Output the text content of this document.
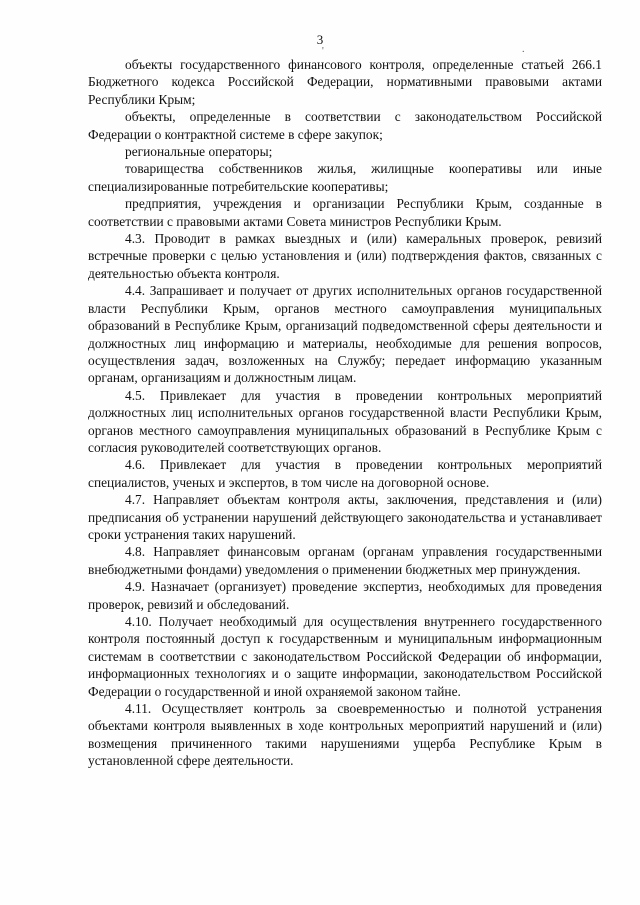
3
'	.

объекты государственного финансового контроля, определенные статьей 266.1 Бюджетного кодекса Российской Федерации, нормативными правовыми актами Республики Крым;

объекты, определенные в соответствии с законодательством Российской Федерации о контрактной системе в сфере закупок;

региональные операторы;

товарищества собственников жилья, жилищные кооперативы или иные специализированные потребительские кооперативы;

предприятия, учреждения и организации Республики Крым, созданные в соответствии с правовыми актами Совета министров Республики Крым.

4.3. Проводит в рамках выездных и (или) камеральных проверок, ревизий встречные проверки с целью установления и (или) подтверждения фактов, связанных с деятельностью объекта контроля.

4.4. Запрашивает и получает от других исполнительных органов государственной власти Республики Крым, органов местного самоуправления муниципальных образований в Республике Крым, организаций подведомственной сферы деятельности и должностных лиц информацию и материалы, необходимые для решения вопросов, осуществления задач, возложенных на Службу; передает информацию указанным органам, организациям и должностным лицам.

4.5. Привлекает для участия в проведении контрольных мероприятий должностных лиц исполнительных органов государственной власти Республики Крым, органов местного самоуправления муниципальных образований в Республике Крым с согласия руководителей соответствующих органов.

4.6. Привлекает для участия в проведении контрольных мероприятий специалистов, ученых и экспертов, в том числе на договорной основе.

4.7. Направляет объектам контроля акты, заключения, представления и (или) предписания об устранении нарушений действующего законодательства и устанавливает сроки устранения таких нарушений.

4.8. Направляет финансовым органам (органам управления государственными внебюджетными фондами) уведомления о применении бюджетных мер принуждения.

4.9. Назначает (организует) проведение экспертиз, необходимых для проведения проверок, ревизий и обследований.

4.10. Получает необходимый для осуществления внутреннего государственного контроля постоянный доступ к государственным и муниципальным информационным системам в соответствии с законодательством Российской Федерации об информации, информационных технологиях и о защите информации, законодательством Российской Федерации о государственной и иной охраняемой законом тайне.

4.11. Осуществляет контроль за своевременностью и полнотой устранения объектами контроля выявленных в ходе контрольных мероприятий нарушений и (или) возмещения причиненного такими нарушениями ущерба Республике Крым в установленной сфере деятельности.
